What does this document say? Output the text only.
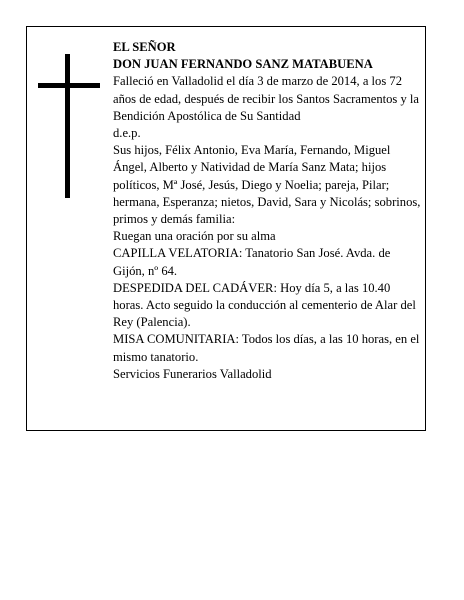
EL SEÑOR

DON JUAN FERNANDO SANZ MATABUENA

Falleció en Valladolid el día 3 de marzo de 2014, a los 72 años de edad, después de recibir los Santos Sacramentos y la Bendición Apostólica de Su Santidad

d.e.p.

Sus hijos, Félix Antonio, Eva María, Fernando, Miguel Ángel, Alberto y Natividad de María Sanz Mata; hijos políticos, Mª José, Jesús, Diego y Noelia; pareja, Pilar; hermana, Esperanza; nietos, David, Sara y Nicolás; sobrinos, primos y demás familia:

Ruegan una oración por su alma

CAPILLA VELATORIA: Tanatorio San José. Avda. de Gijón, nº 64.

DESPEDIDA DEL CADÁVER: Hoy día 5, a las 10.40 horas. Acto seguido la conducción al cementerio de Alar del Rey (Palencia).

MISA COMUNITARIA: Todos los días, a las 10 horas, en el mismo tanatorio.

Servicios Funerarios Valladolid
